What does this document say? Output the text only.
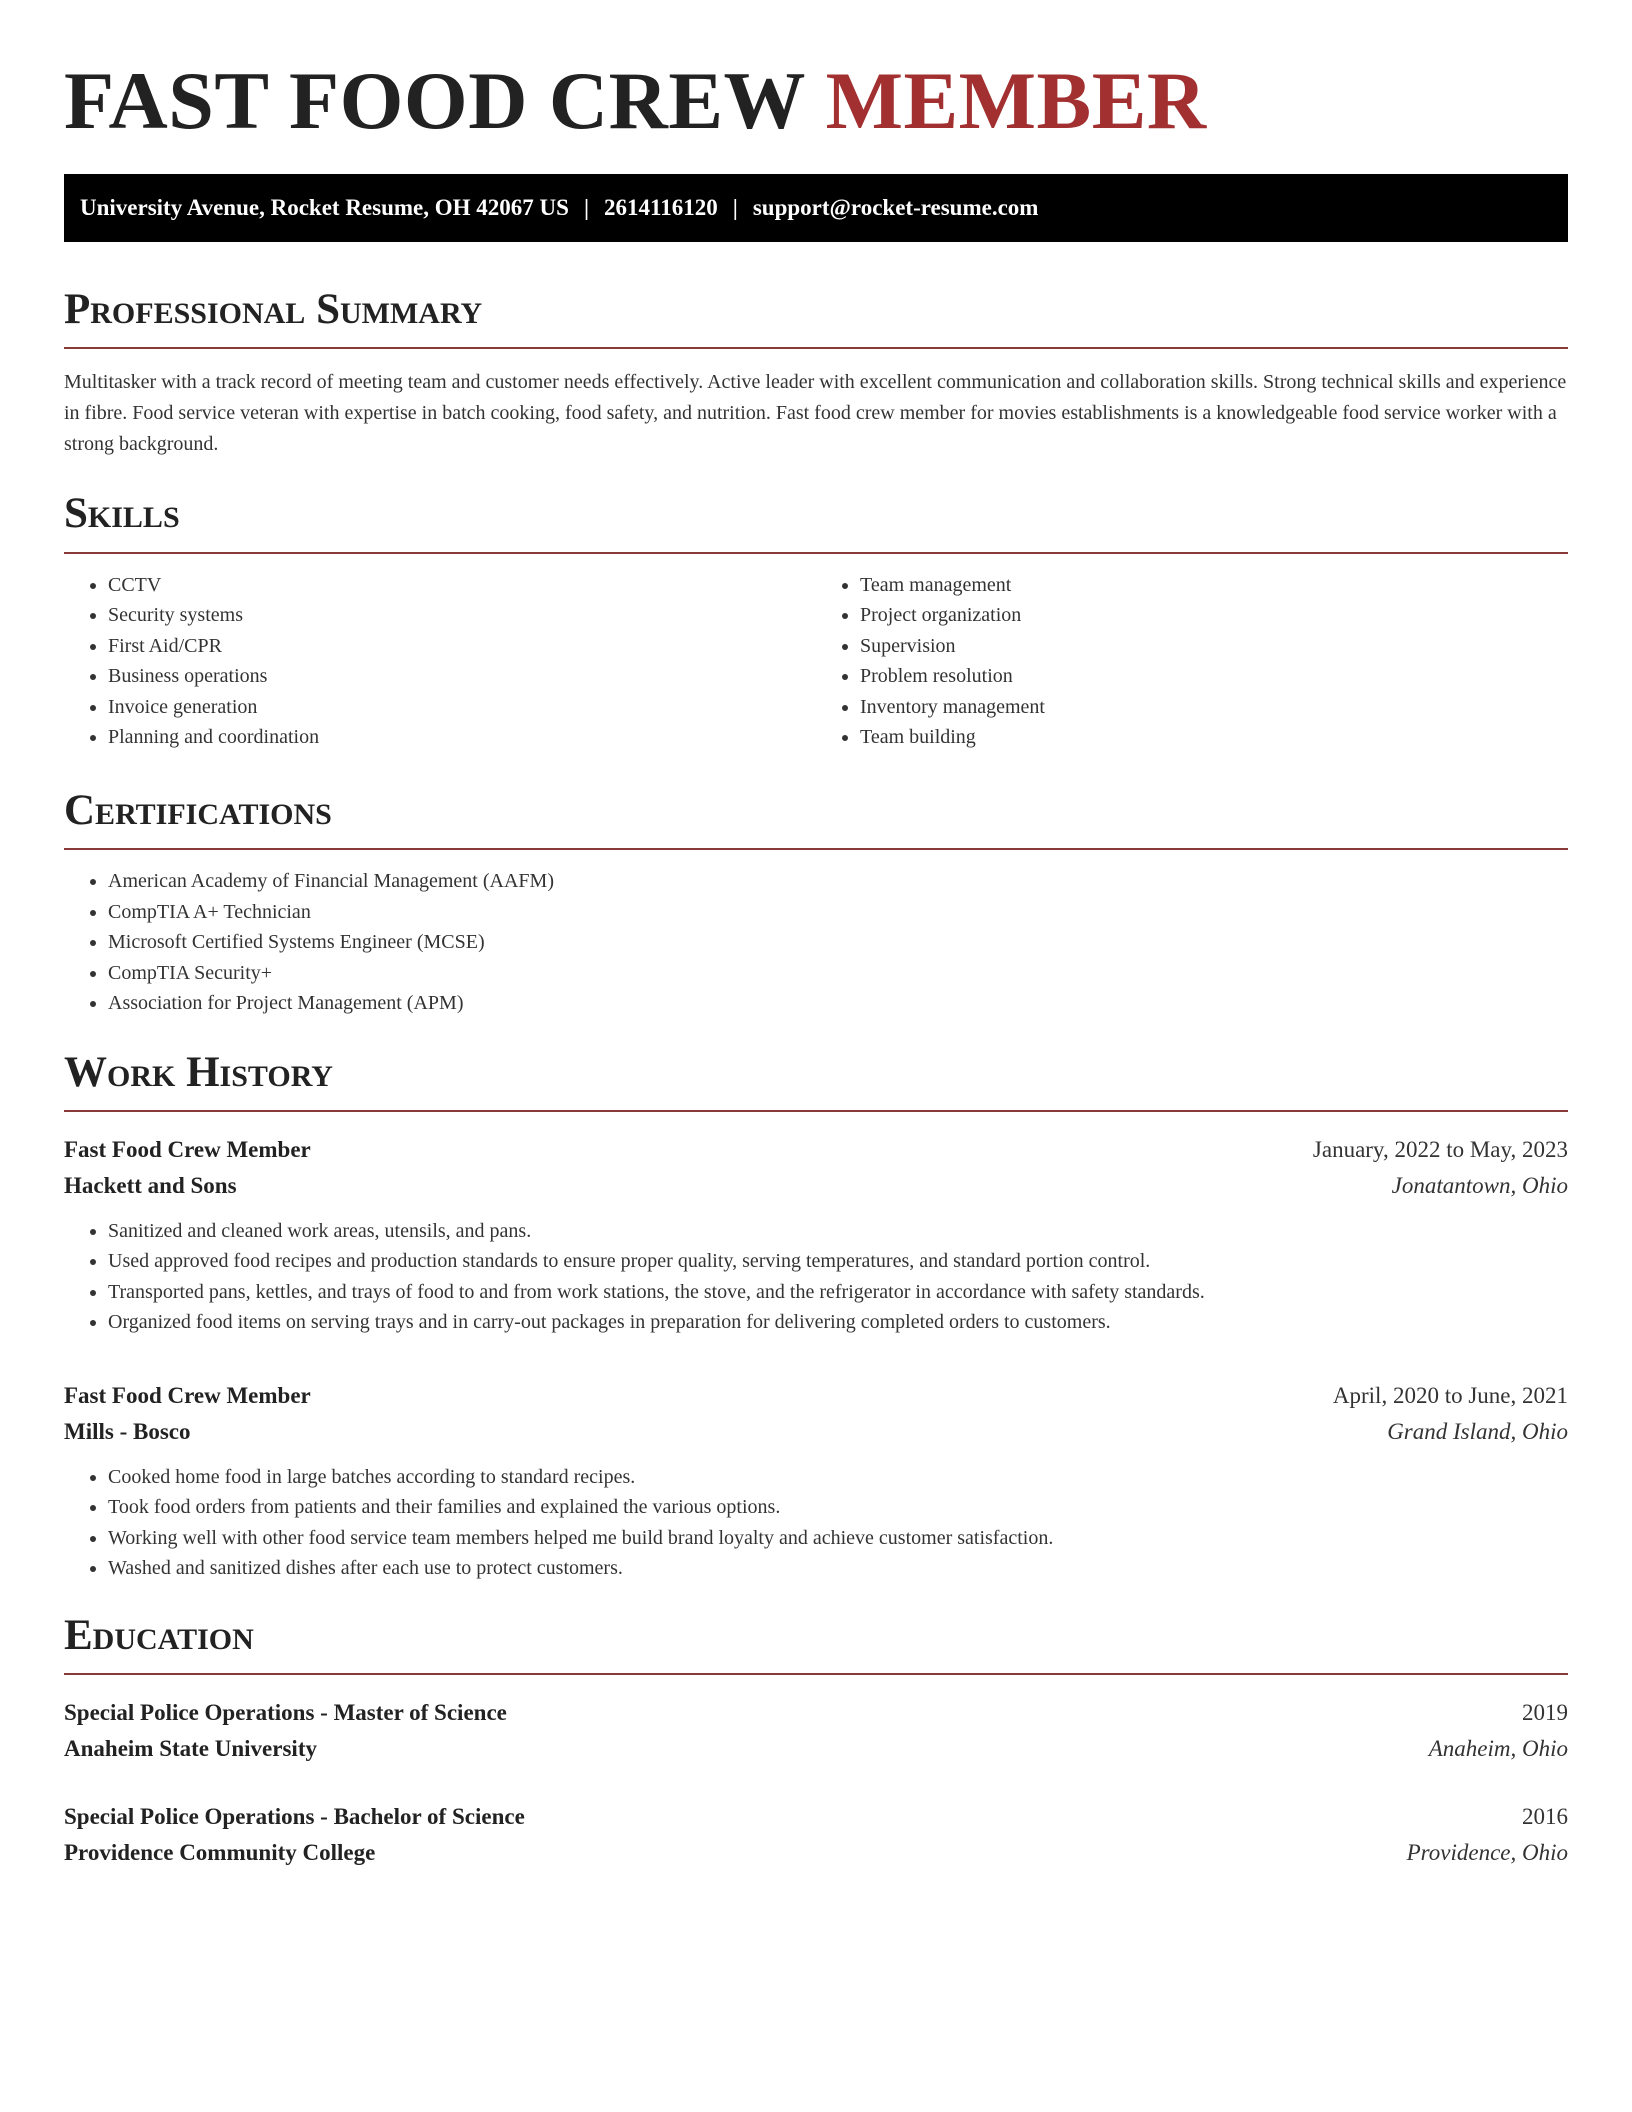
FAST FOOD CREW MEMBER
University Avenue, Rocket Resume, OH 42067 US | 2614116120 | support@rocket-resume.com
Professional Summary

Multitasker with a track record of meeting team and customer needs effectively. Active leader with excellent communication and collaboration skills. Strong technical skills and experience in fibre. Food service veteran with expertise in batch cooking, food safety, and nutrition. Fast food crew member for movies establishments is a knowledgeable food service worker with a strong background.

Skills
• CCTV
• Security systems
• First Aid/CPR
• Business operations
• Invoice generation
• Planning and coordination
• Team management
• Project organization
• Supervision
• Problem resolution
• Inventory management
• Team building
Certifications
• American Academy of Financial Management (AAFM)
• CompTIA A+ Technician
• Microsoft Certified Systems Engineer (MCSE)
• CompTIA Security+
• Association for Project Management (APM)
Work History
Fast Food Crew Member	January, 2022 to May, 2023
Hackett and Sons	Jonatantown, Ohio
• Sanitized and cleaned work areas, utensils, and pans.
• Used approved food recipes and production standards to ensure proper quality, serving temperatures, and standard portion control.
• Transported pans, kettles, and trays of food to and from work stations, the stove, and the refrigerator in accordance with safety standards.
• Organized food items on serving trays and in carry-out packages in preparation for delivering completed orders to customers.
Fast Food Crew Member	April, 2020 to June, 2021
Mills - Bosco	Grand Island, Ohio
• Cooked home food in large batches according to standard recipes.
• Took food orders from patients and their families and explained the various options.
• Working well with other food service team members helped me build brand loyalty and achieve customer satisfaction.
• Washed and sanitized dishes after each use to protect customers.
Education
Special Police Operations - Master of Science	2019
Anaheim State University	Anaheim, Ohio
Special Police Operations - Bachelor of Science	2016
Providence Community College	Providence, Ohio
